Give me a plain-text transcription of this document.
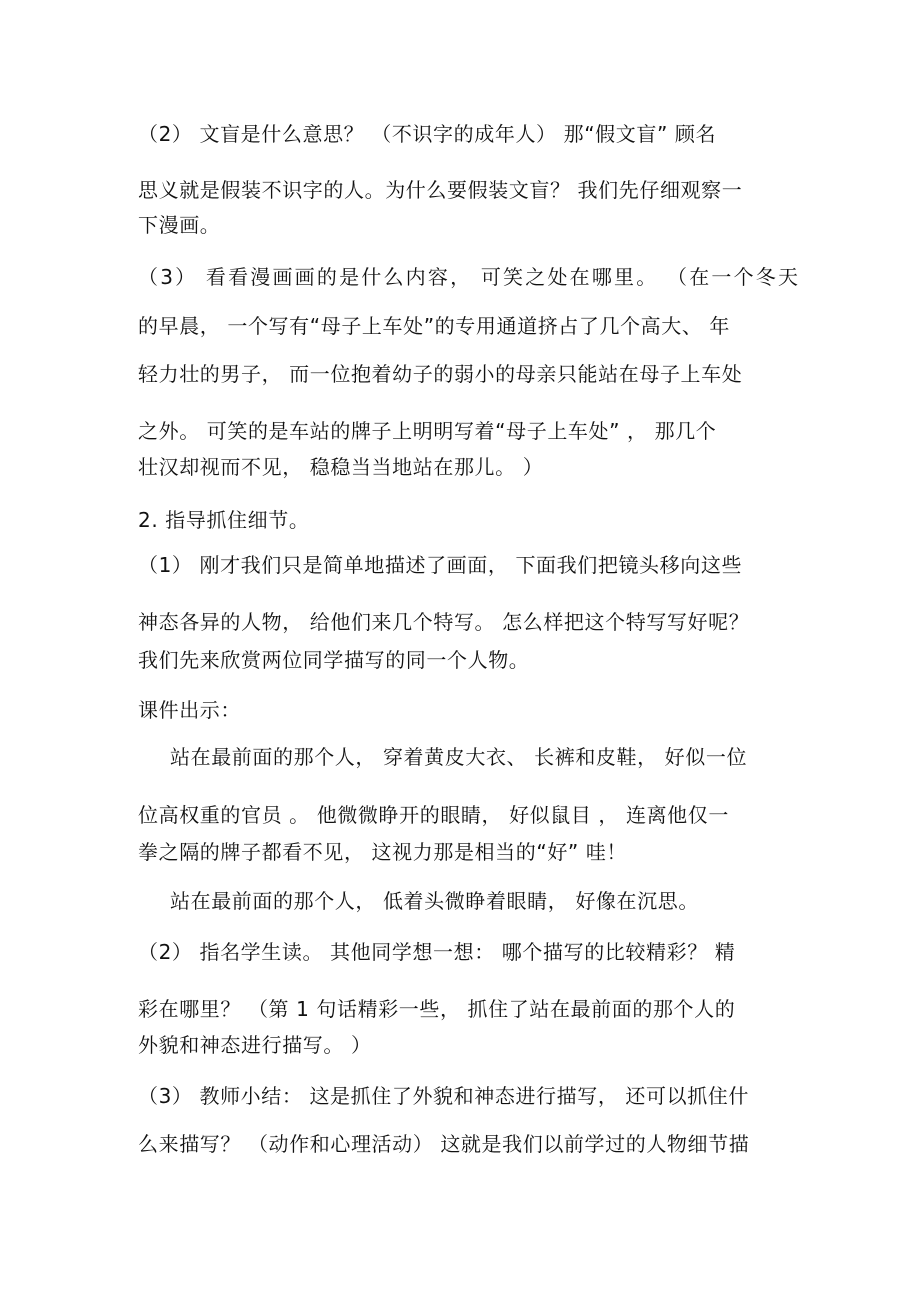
（2） 文盲是什么意思？ （不识字的成年人） 那“假文盲” 顾名

思义就是假装不识字的人。为什么要假装文盲？ 我们先仔细观察一

下漫画。

（3） 看看漫画画的是什么内容， 可笑之处在哪里。 （在一个冬天

的早晨， 一个写有“母子上车处”的专用通道挤占了几个高大、 年

轻力壮的男子， 而一位抱着幼子的弱小的母亲只能站在母子上车处

之外。 可笑的是车站的牌子上明明写着“母子上车处” ， 那几个

壮汉却视而不见， 稳稳当当地站在那儿。 ）

2. 指导抓住细节。

（1） 刚才我们只是简单地描述了画面， 下面我们把镜头移向这些

神态各异的人物， 给他们来几个特写。 怎么样把这个特写写好呢？

我们先来欣赏两位同学描写的同一个人物。

课件出示：

站在最前面的那个人， 穿着黄皮大衣、 长裤和皮鞋， 好似一位

位高权重的官员 。 他微微睁开的眼睛， 好似鼠目 ， 连离他仅一

拳之隔的牌子都看不见， 这视力那是相当的“好” 哇！

站在最前面的那个人， 低着头微睁着眼睛， 好像在沉思。

（2） 指名学生读。 其他同学想一想： 哪个描写的比较精彩？ 精

彩在哪里？ （第 1 句话精彩一些， 抓住了站在最前面的那个人的

外貌和神态进行描写。 ）

（3） 教师小结： 这是抓住了外貌和神态进行描写， 还可以抓住什

么来描写？ （动作和心理活动） 这就是我们以前学过的人物细节描
